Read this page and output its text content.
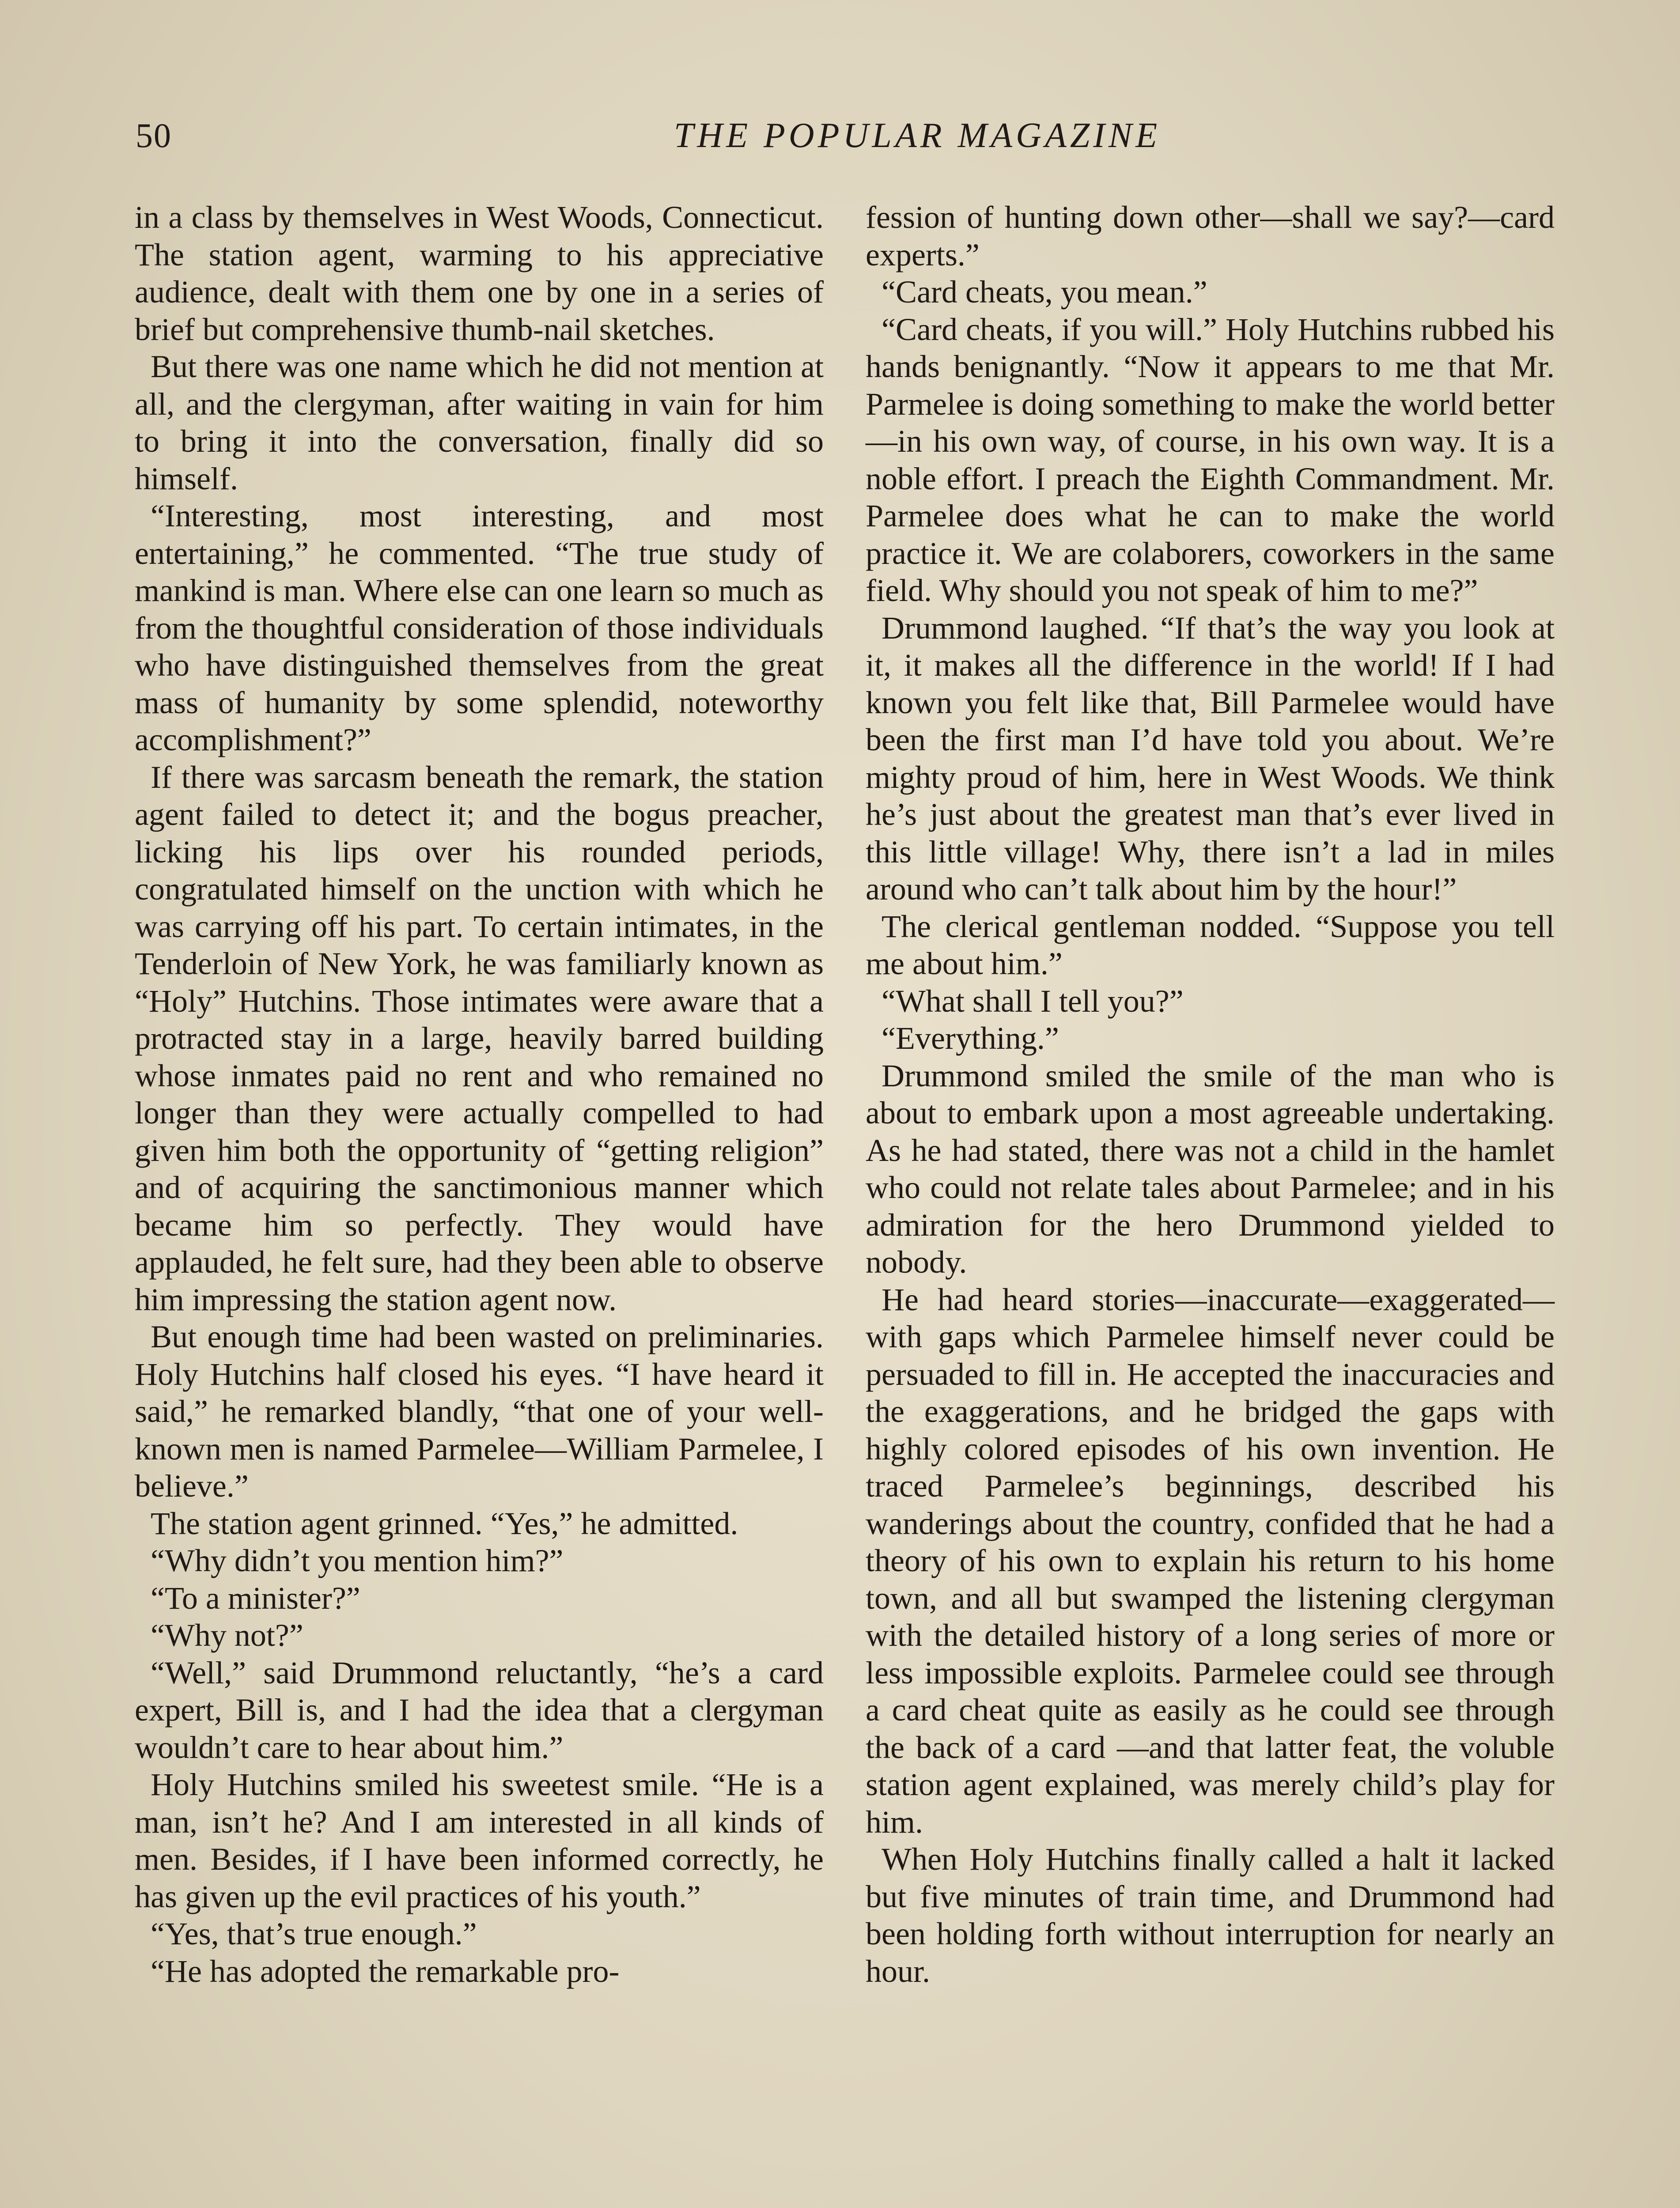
50	THE POPULAR MAGAZINE

in a class by themselves in West Woods, Connecticut. The station agent, warming to his appreciative audience, dealt with them one by one in a series of brief but comprehensive thumb-nail sketches.

But there was one name which he did not mention at all, and the clergyman, after waiting in vain for him to bring it into the conversation, finally did so himself.

“Interesting, most interesting, and most entertaining,” he commented. “The true study of mankind is man. Where else can one learn so much as from the thoughtful consideration of those individuals who have distinguished themselves from the great mass of humanity by some splendid, noteworthy accomplishment?”

If there was sarcasm beneath the remark, the station agent failed to detect it; and the bogus preacher, licking his lips over his rounded periods, congratulated himself on the unction with which he was carrying off his part. To certain intimates, in the Tenderloin of New York, he was familiarly known as “Holy” Hutchins. Those intimates were aware that a protracted stay in a large, heavily barred building whose inmates paid no rent and who remained no longer than they were actually compelled to had given him both the opportunity of “getting religion” and of acquiring the sanctimonious manner which became him so perfectly. They would have applauded, he felt sure, had they been able to observe him impressing the station agent now.

But enough time had been wasted on preliminaries. Holy Hutchins half closed his eyes. “I have heard it said,” he remarked blandly, “that one of your well-known men is named Parmelee—William Parmelee, I believe.”

The station agent grinned. “Yes,” he admitted.

“Why didn’t you mention him?”

“To a minister?”

“Why not?”

“Well,” said Drummond reluctantly, “he’s a card expert, Bill is, and I had the idea that a clergyman wouldn’t care to hear about him.”

Holy Hutchins smiled his sweetest smile. “He is a man, isn’t he? And I am interested in all kinds of men. Besides, if I have been informed correctly, he has given up the evil practices of his youth.”

“Yes, that’s true enough.”

“He has adopted the remarkable pro-

fession of hunting down other—shall we say?—card experts.”

“Card cheats, you mean.”

“Card cheats, if you will.” Holy Hutchins rubbed his hands benignantly. “Now it appears to me that Mr. Parmelee is doing something to make the world better—in his own way, of course, in his own way. It is a noble effort. I preach the Eighth Commandment. Mr. Parmelee does what he can to make the world practice it. We are colaborers, coworkers in the same field. Why should you not speak of him to me?”

Drummond laughed. “If that’s the way you look at it, it makes all the difference in the world! If I had known you felt like that, Bill Parmelee would have been the first man I’d have told you about. We’re mighty proud of him, here in West Woods. We think he’s just about the greatest man that’s ever lived in this little village! Why, there isn’t a lad in miles around who can’t talk about him by the hour!”

The clerical gentleman nodded. “Suppose you tell me about him.”

“What shall I tell you?”

“Everything.”

Drummond smiled the smile of the man who is about to embark upon a most agreeable undertaking. As he had stated, there was not a child in the hamlet who could not relate tales about Parmelee; and in his admiration for the hero Drummond yielded to nobody.

He had heard stories—inaccurate—exaggerated—with gaps which Parmelee himself never could be persuaded to fill in. He accepted the inaccuracies and the exaggerations, and he bridged the gaps with highly colored episodes of his own invention. He traced Parmelee’s beginnings, described his wanderings about the country, confided that he had a theory of his own to explain his return to his home town, and all but swamped the listening clergyman with the detailed history of a long series of more or less impossible exploits. Parmelee could see through a card cheat quite as easily as he could see through the back of a card —and that latter feat, the voluble station agent explained, was merely child’s play for him.

When Holy Hutchins finally called a halt it lacked but five minutes of train time, and Drummond had been holding forth without interruption for nearly an hour.
